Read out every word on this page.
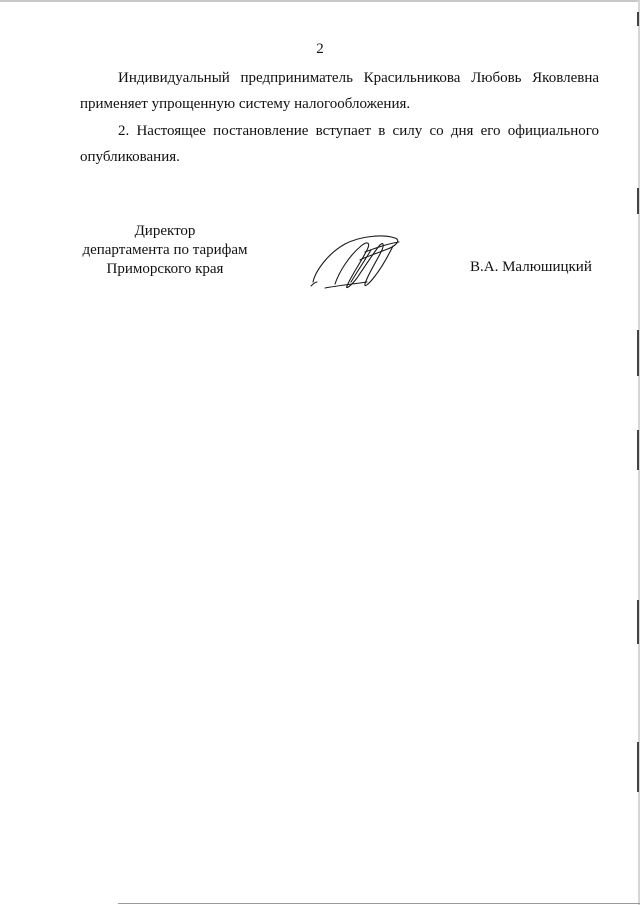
2
Индивидуальный предприниматель Красильникова Любовь Яковлевна
применяет упрощенную систему налогообложения.
2. Настоящее постановление вступает в силу со дня его официального
опубликования.
Директор
департамента по тарифам
Приморского края	В.А. Малюшицкий
